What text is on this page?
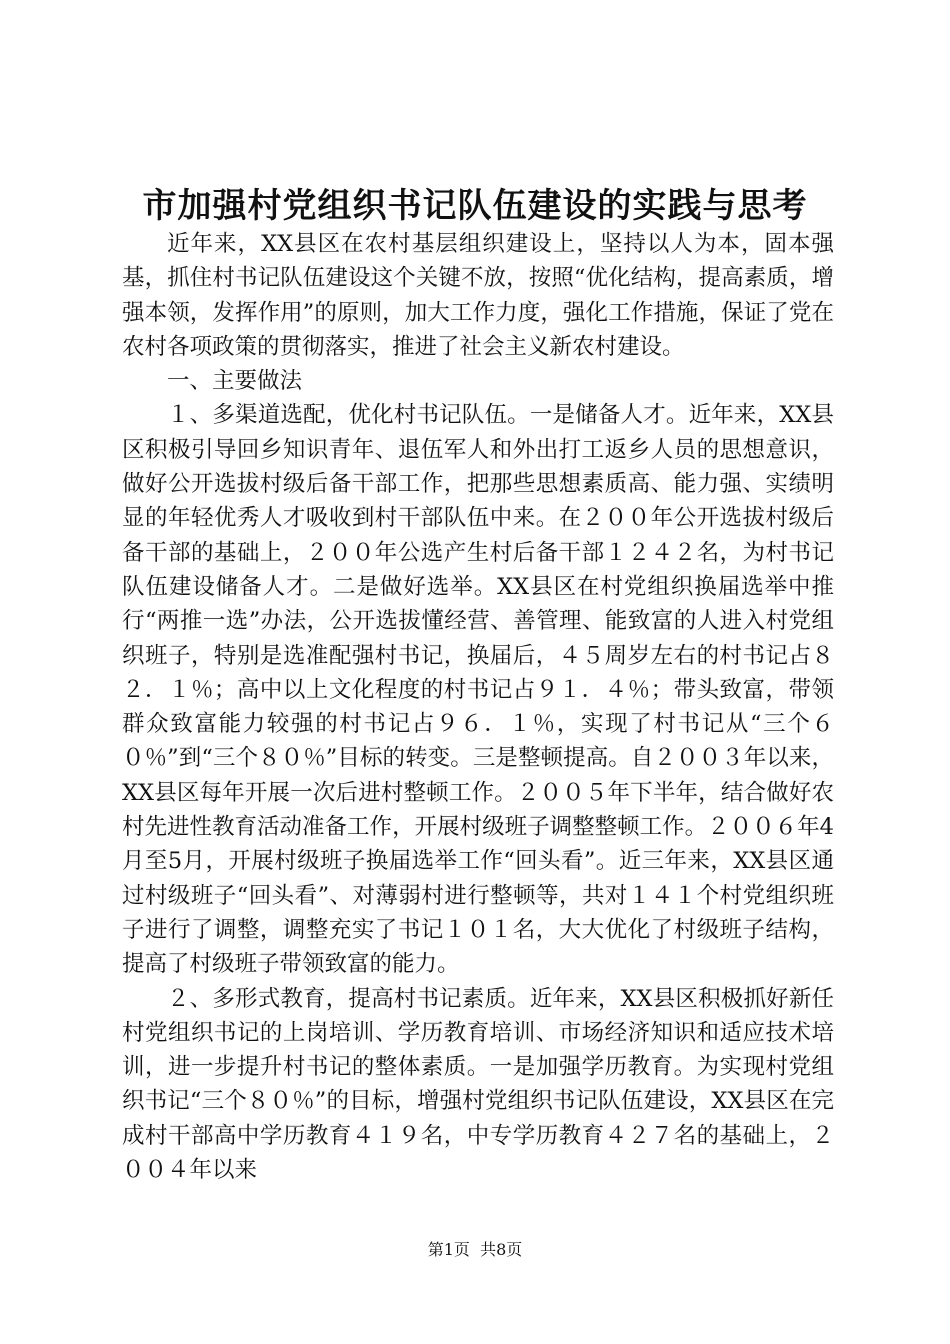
市加强村党组织书记队伍建设的实践与思考

近年来，XX县区在农村基层组织建设上，坚持以人为本，固本强基，抓住村书记队伍建设这个关键不放，按照“优化结构，提高素质，增强本领，发挥作用”的原则，加大工作力度，强化工作措施，保证了党在农村各项政策的贯彻落实，推进了社会主义新农村建设。

一、主要做法

１、多渠道选配，优化村书记队伍。一是储备人才。近年来，XX县区积极引导回乡知识青年、退伍军人和外出打工返乡人员的思想意识，做好公开选拔村级后备干部工作，把那些思想素质高、能力强、实绩明显的年轻优秀人才吸收到村干部队伍中来。在２００年公开选拔村级后备干部的基础上，２００年公选产生村后备干部１２４２名，为村书记队伍建设储备人才。二是做好选举。XX县区在村党组织换届选举中推行“两推一选”办法，公开选拔懂经营、善管理、能致富的人进入村党组织班子，特别是选准配强村书记，换届后，４５周岁左右的村书记占８２．１％；高中以上文化程度的村书记占９１．４％；带头致富，带领群众致富能力较强的村书记占９６．１％，实现了村书记从“三个６０％”到“三个８０％”目标的转变。三是整顿提高。自２００３年以来，XX县区每年开展一次后进村整顿工作。２００５年下半年，结合做好农村先进性教育活动准备工作，开展村级班子调整整顿工作。２００６年4月至5月，开展村级班子换届选举工作“回头看”。近三年来，XX县区通过村级班子“回头看”、对薄弱村进行整顿等，共对１４１个村党组织班子进行了调整，调整充实了书记１０１名，大大优化了村级班子结构，提高了村级班子带领致富的能力。

２、多形式教育，提高村书记素质。近年来，XX县区积极抓好新任村党组织书记的上岗培训、学历教育培训、市场经济知识和适应技术培训，进一步提升村书记的整体素质。一是加强学历教育。为实现村党组织书记“三个８０％”的目标，增强村党组织书记队伍建设，XX县区在完成村干部高中学历教育４１９名，中专学历教育４２７名的基础上，２００４年以来

第1页  共8页
